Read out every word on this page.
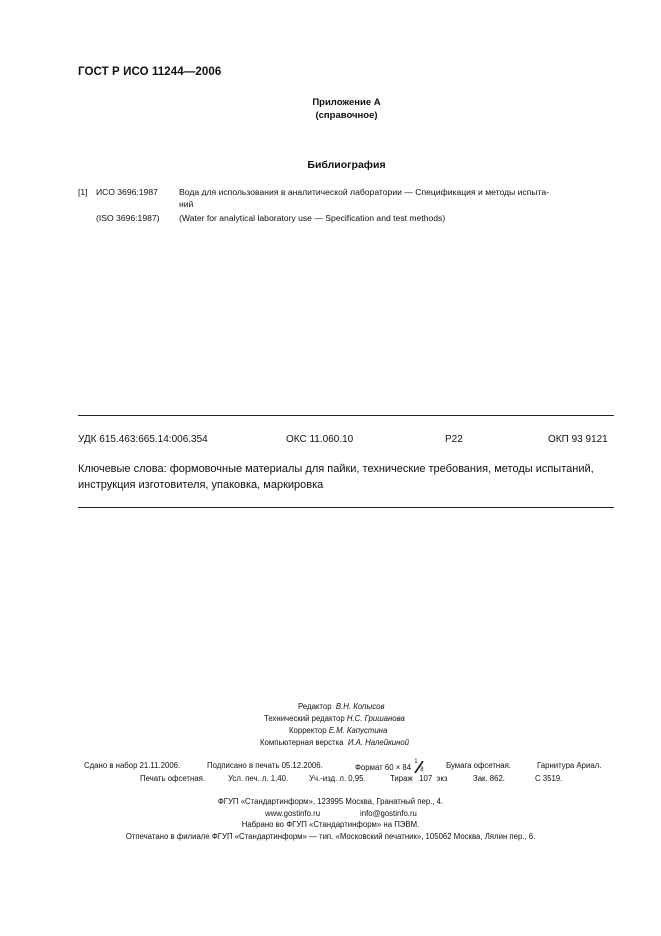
ГОСТ Р ИСО 11244—2006
Приложение А
(справочное)
Библиография
[1] ИСО 3696:1987 Вода для использования в аналитической лаборатории — Спецификация и методы испыта-
ний
(ISO 3696:1987) (Water for analytical laboratory use — Specification and test methods)
УДК 615.463:665.14:006.354	ОКС 11.060.10	Р22	ОКП 93 9121
Ключевые слова: формовочные материалы для пайки, технические требования, методы испытаний, инструкция изготовителя, упаковка, маркировка
Редактор В.Н. Копысов
Технический редактор Н.С. Гришанова
Корректор Е.М. Капустина
Компьютерная верстка И.А. Налейкиной
Сдано в набор 21.11.2006.	Подписано в печать 05.12.2006.	Формат 60 × 84
1
8	Бумага офсетная.	Гарнитура Ариал.
Печать офсетная.	Усл. печ. л. 1,40.	Уч.-изд. л. 0,95.	Тираж 107 экз	Зак. 862.	С 3519.
ФГУП «Стандартинформ», 123995 Москва, Гранатный пер., 4.
www.gostinfo.ru	info@gostinfo.ru
Набрано во ФГУП «Стандартинформ» на ПЭВМ.
Отпечатано в филиале ФГУП «Стандартинформ» — тип. «Московский печатник», 105062 Москва, Лялин пер., 6.
